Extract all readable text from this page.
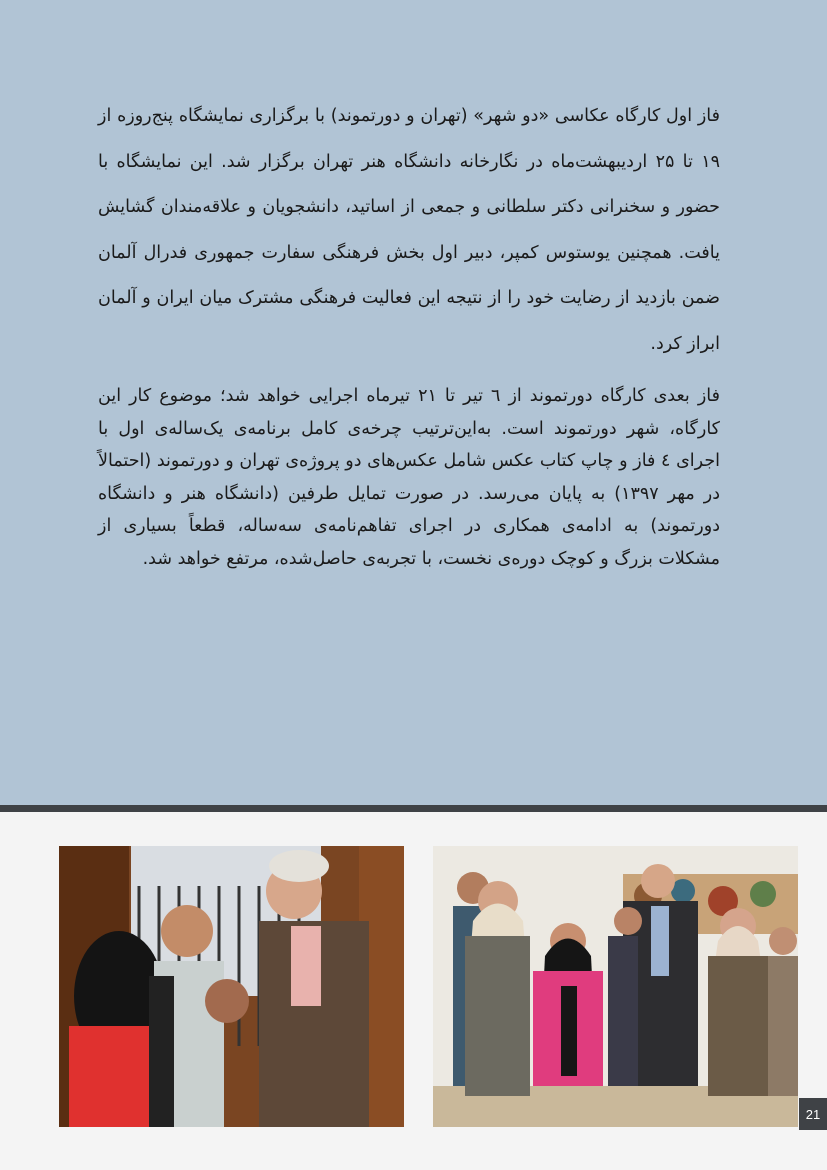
فاز اول کارگاه عکاسی «دو شهر» (تهران و دورتموند) با برگزاری نمایشگاه پنج‌روزه از ۱۹ تا ۲۵ اردیبهشت‌ماه در نگارخانه دانشگاه هنر تهران برگزار شد. این نمایشگاه با حضور و سخنرانی دکتر سلطانی و جمعی از اساتید، دانشجویان و علاقه‌مندان گشایش یافت. همچنین یوستوس کمپر، دبیر اول بخش فرهنگی سفارت جمهوری فدرال آلمان ضمن بازدید از رضایت خود را از نتیجه این فعالیت فرهنگی مشترک میان ایران و آلمان ابراز کرد.

فاز بعدی کارگاه دورتموند از ٦ تیر تا ۲۱ تیرماه اجرایی خواهد شد؛ موضوع کار این کارگاه، شهر دورتموند است. به‌این‌ترتیب چرخه‌ی کامل برنامه‌ی یک‌ساله‌ی اول با اجرای ٤ فاز و چاپ کتاب عکس شامل عکس‌های دو پروژه‌ی تهران و دورتموند (احتمالاً در مهر ۱۳۹۷) به پایان می‌رسد. در صورت تمایل طرفین (دانشگاه هنر و دانشگاه دورتموند) به ادامه‌ی همکاری در اجرای تفاهم‌نامه‌ی سه‌ساله، قطعاً بسیاری از مشکلات بزرگ و کوچک دوره‌ی نخست، با تجربه‌ی حاصل‌شده، مرتفع خواهد شد.

21
